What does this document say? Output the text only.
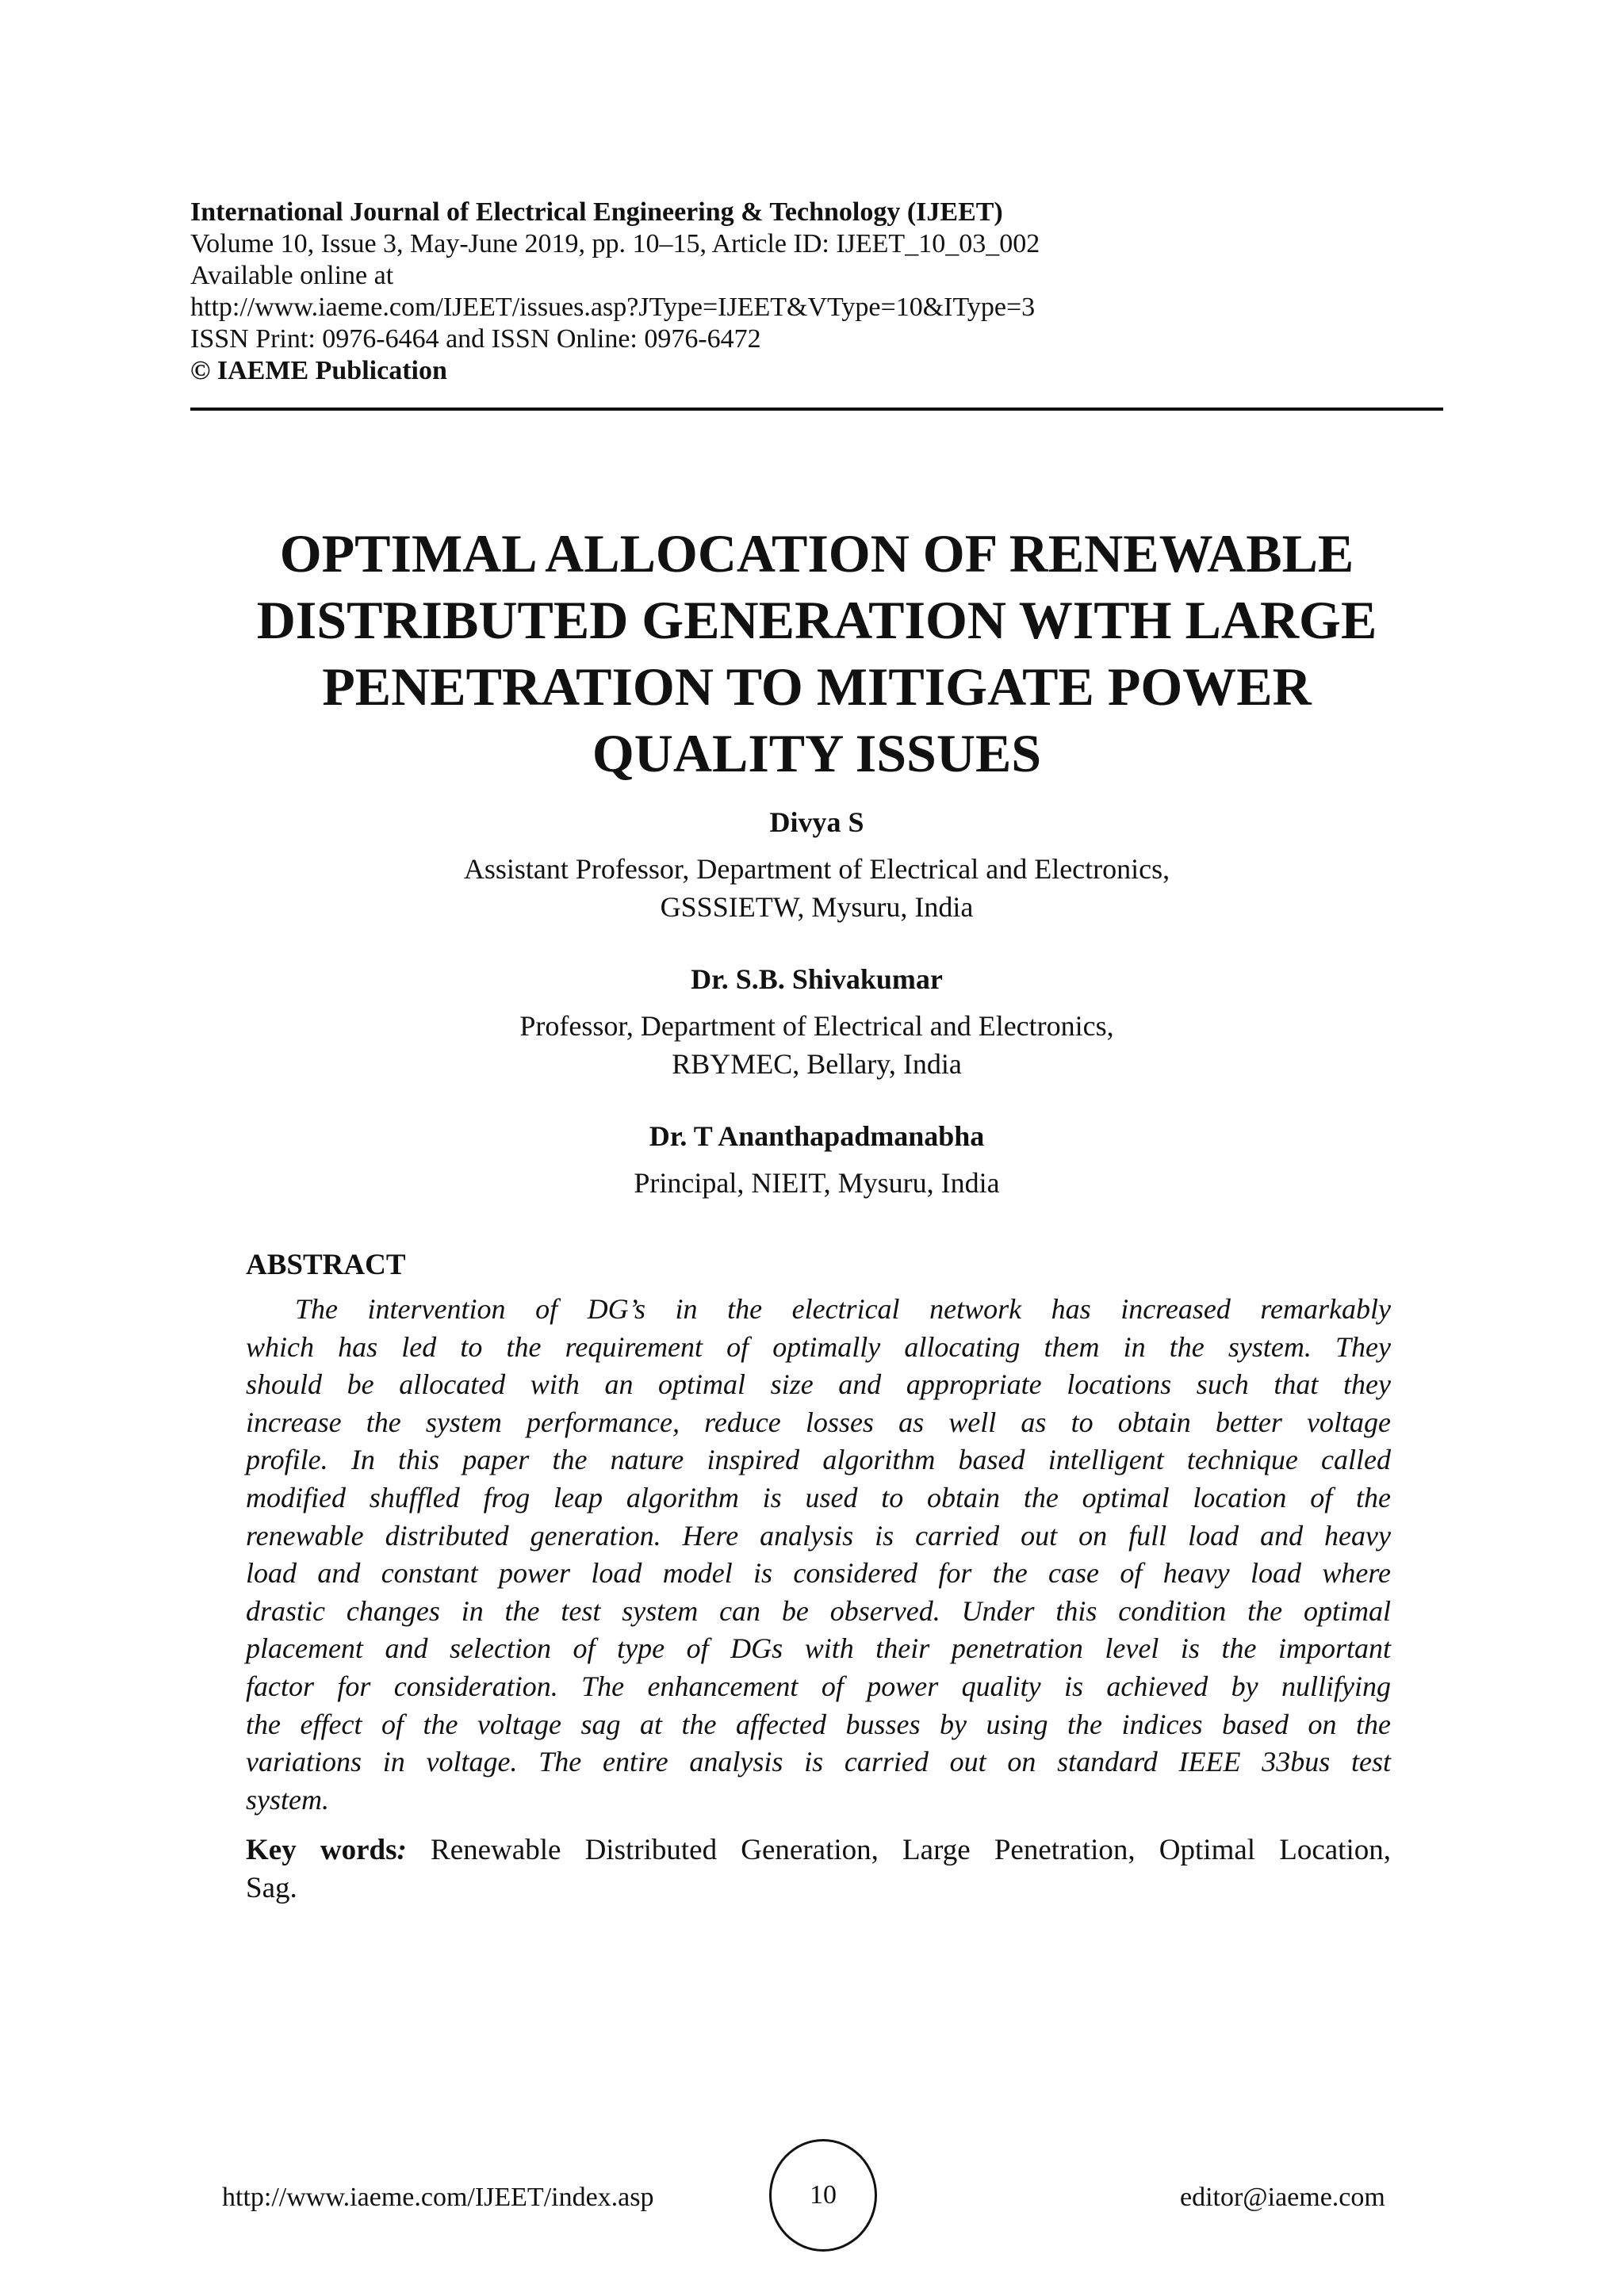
International Journal of Electrical Engineering & Technology (IJEET)
Volume 10, Issue 3, May-June 2019, pp. 10–15, Article ID: IJEET_10_03_002
Available online at
http://www.iaeme.com/IJEET/issues.asp?JType=IJEET&VType=10&IType=3
ISSN Print: 0976-6464 and ISSN Online: 0976-6472
© IAEME Publication
OPTIMAL ALLOCATION OF RENEWABLE
DISTRIBUTED GENERATION WITH LARGE
PENETRATION TO MITIGATE POWER
QUALITY ISSUES
Divya S
Assistant Professor, Department of Electrical and Electronics,
GSSSIETW, Mysuru, India
Dr. S.B. Shivakumar
Professor, Department of Electrical and Electronics,
RBYMEC, Bellary, India
Dr. T Ananthapadmanabha
Principal, NIEIT, Mysuru, India
ABSTRACT
The intervention of DG’s in the electrical network has increased remarkably
which has led to the requirement of optimally allocating them in the system. They
should be allocated with an optimal size and appropriate locations such that they
increase the system performance, reduce losses as well as to obtain better voltage
profile. In this paper the nature inspired algorithm based intelligent technique called
modified shuffled frog leap algorithm is used to obtain the optimal location of the
renewable distributed generation. Here analysis is carried out on full load and heavy
load and constant power load model is considered for the case of heavy load where
drastic changes in the test system can be observed. Under this condition the optimal
placement and selection of type of DGs with their penetration level is the important
factor for consideration. The enhancement of power quality is achieved by nullifying
the effect of the voltage sag at the affected busses by using the indices based on the
variations in voltage. The entire analysis is carried out on standard IEEE 33bus test
system.
Key words: Renewable Distributed Generation, Large Penetration, Optimal Location,
Sag.
http://www.iaeme.com/IJEET/index.asp	10	editor@iaeme.com
